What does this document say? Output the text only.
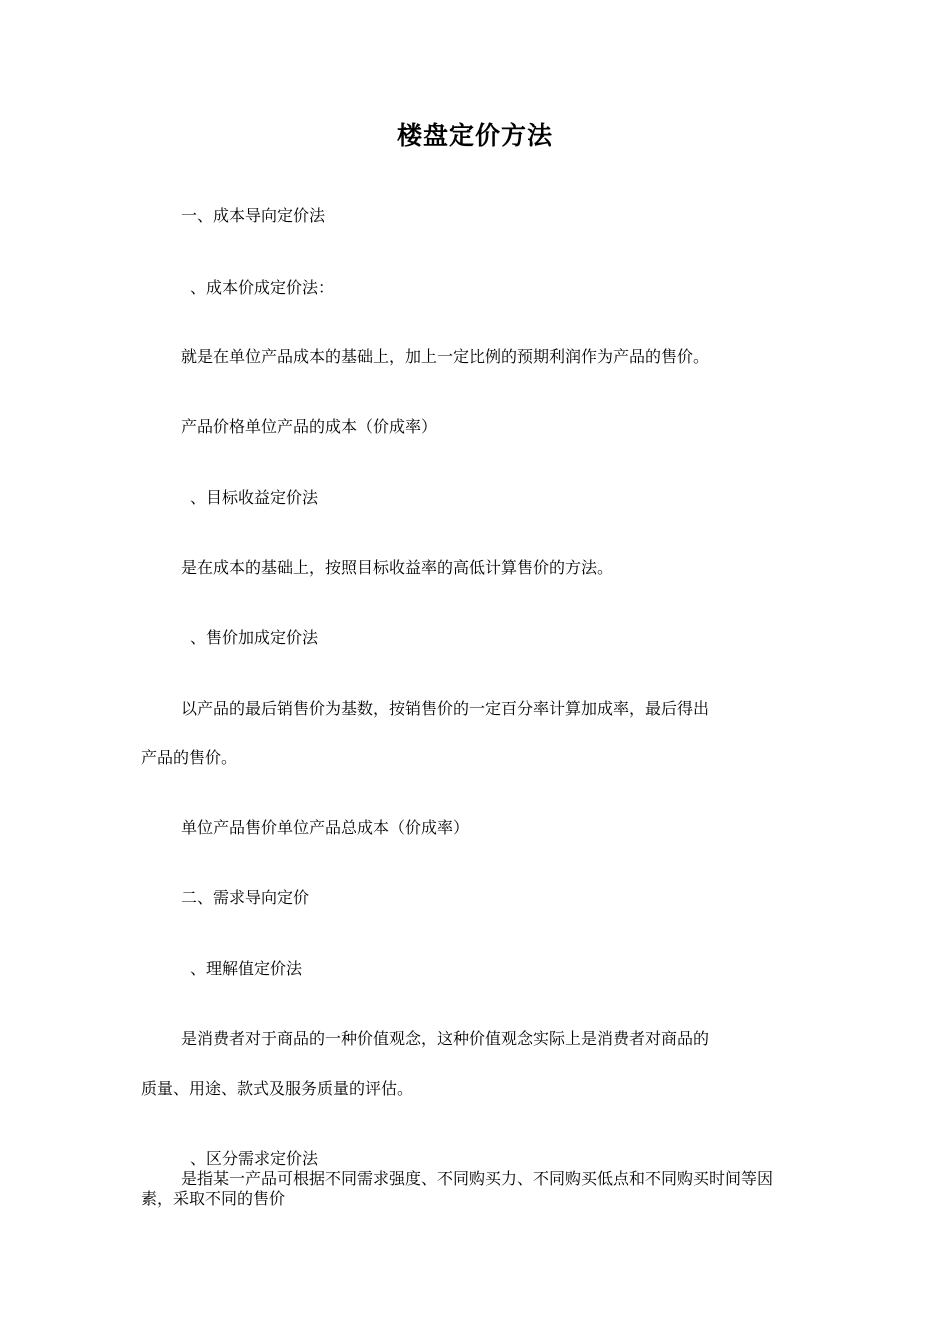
楼盘定价方法
一、成本导向定价法
、成本价成定价法：
就是在单位产品成本的基础上，加上一定比例的预期利润作为产品的售价。
产品价格单位产品的成本（价成率）
、目标收益定价法
是在成本的基础上，按照目标收益率的高低计算售价的方法。
、售价加成定价法
以产品的最后销售价为基数，按销售价的一定百分率计算加成率，最后得出
产品的售价。
单位产品售价单位产品总成本（价成率）
二、需求导向定价
、理解值定价法
是消费者对于商品的一种价值观念，这种价值观念实际上是消费者对商品的
质量、用途、款式及服务质量的评估。
、区分需求定价法
是指某一产品可根据不同需求强度、不同购买力、不同购买低点和不同购买时间等因
素，采取不同的售价
